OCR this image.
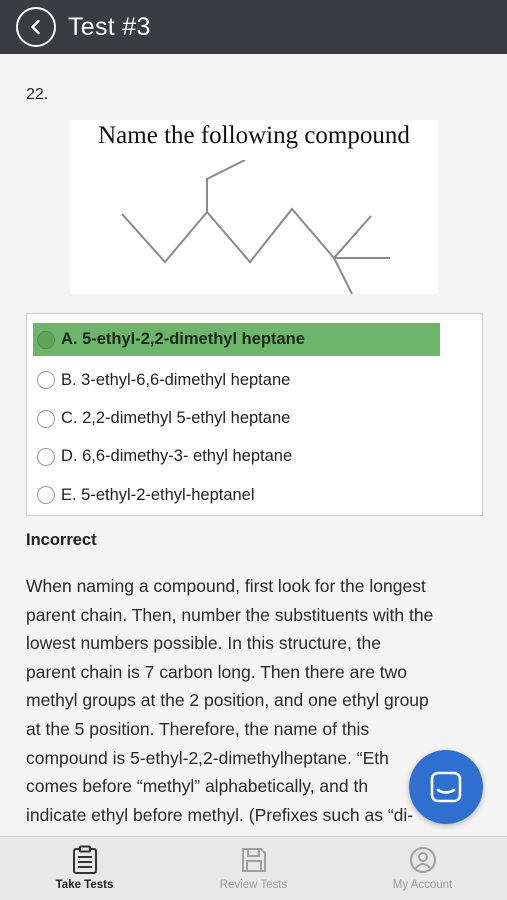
Test #3
22.
Name the following compound
A. 5-ethyl-2,2-dimethyl heptane
B. 3-ethyl-6,6-dimethyl heptane
C. 2,2-dimethyl 5-ethyl heptane
D. 6,6-dimethy-3- ethyl heptane
E. 5-ethyl-2-ethyl-heptanel
Incorrect
When naming a compound, first look for the longest
parent chain. Then, number the substituents with the
lowest numbers possible. In this structure, the
parent chain is 7 carbon long. Then there are two
methyl groups at the 2 position, and one ethyl group
at the 5 position. Therefore, the name of this
compound is 5-ethyl-2,2-dimethylheptane. “Eth
comes before “methyl” alphabetically, and th
indicate ethyl before methyl. (Prefixes such as “di-
Take Tests	Review Tests	My Account
